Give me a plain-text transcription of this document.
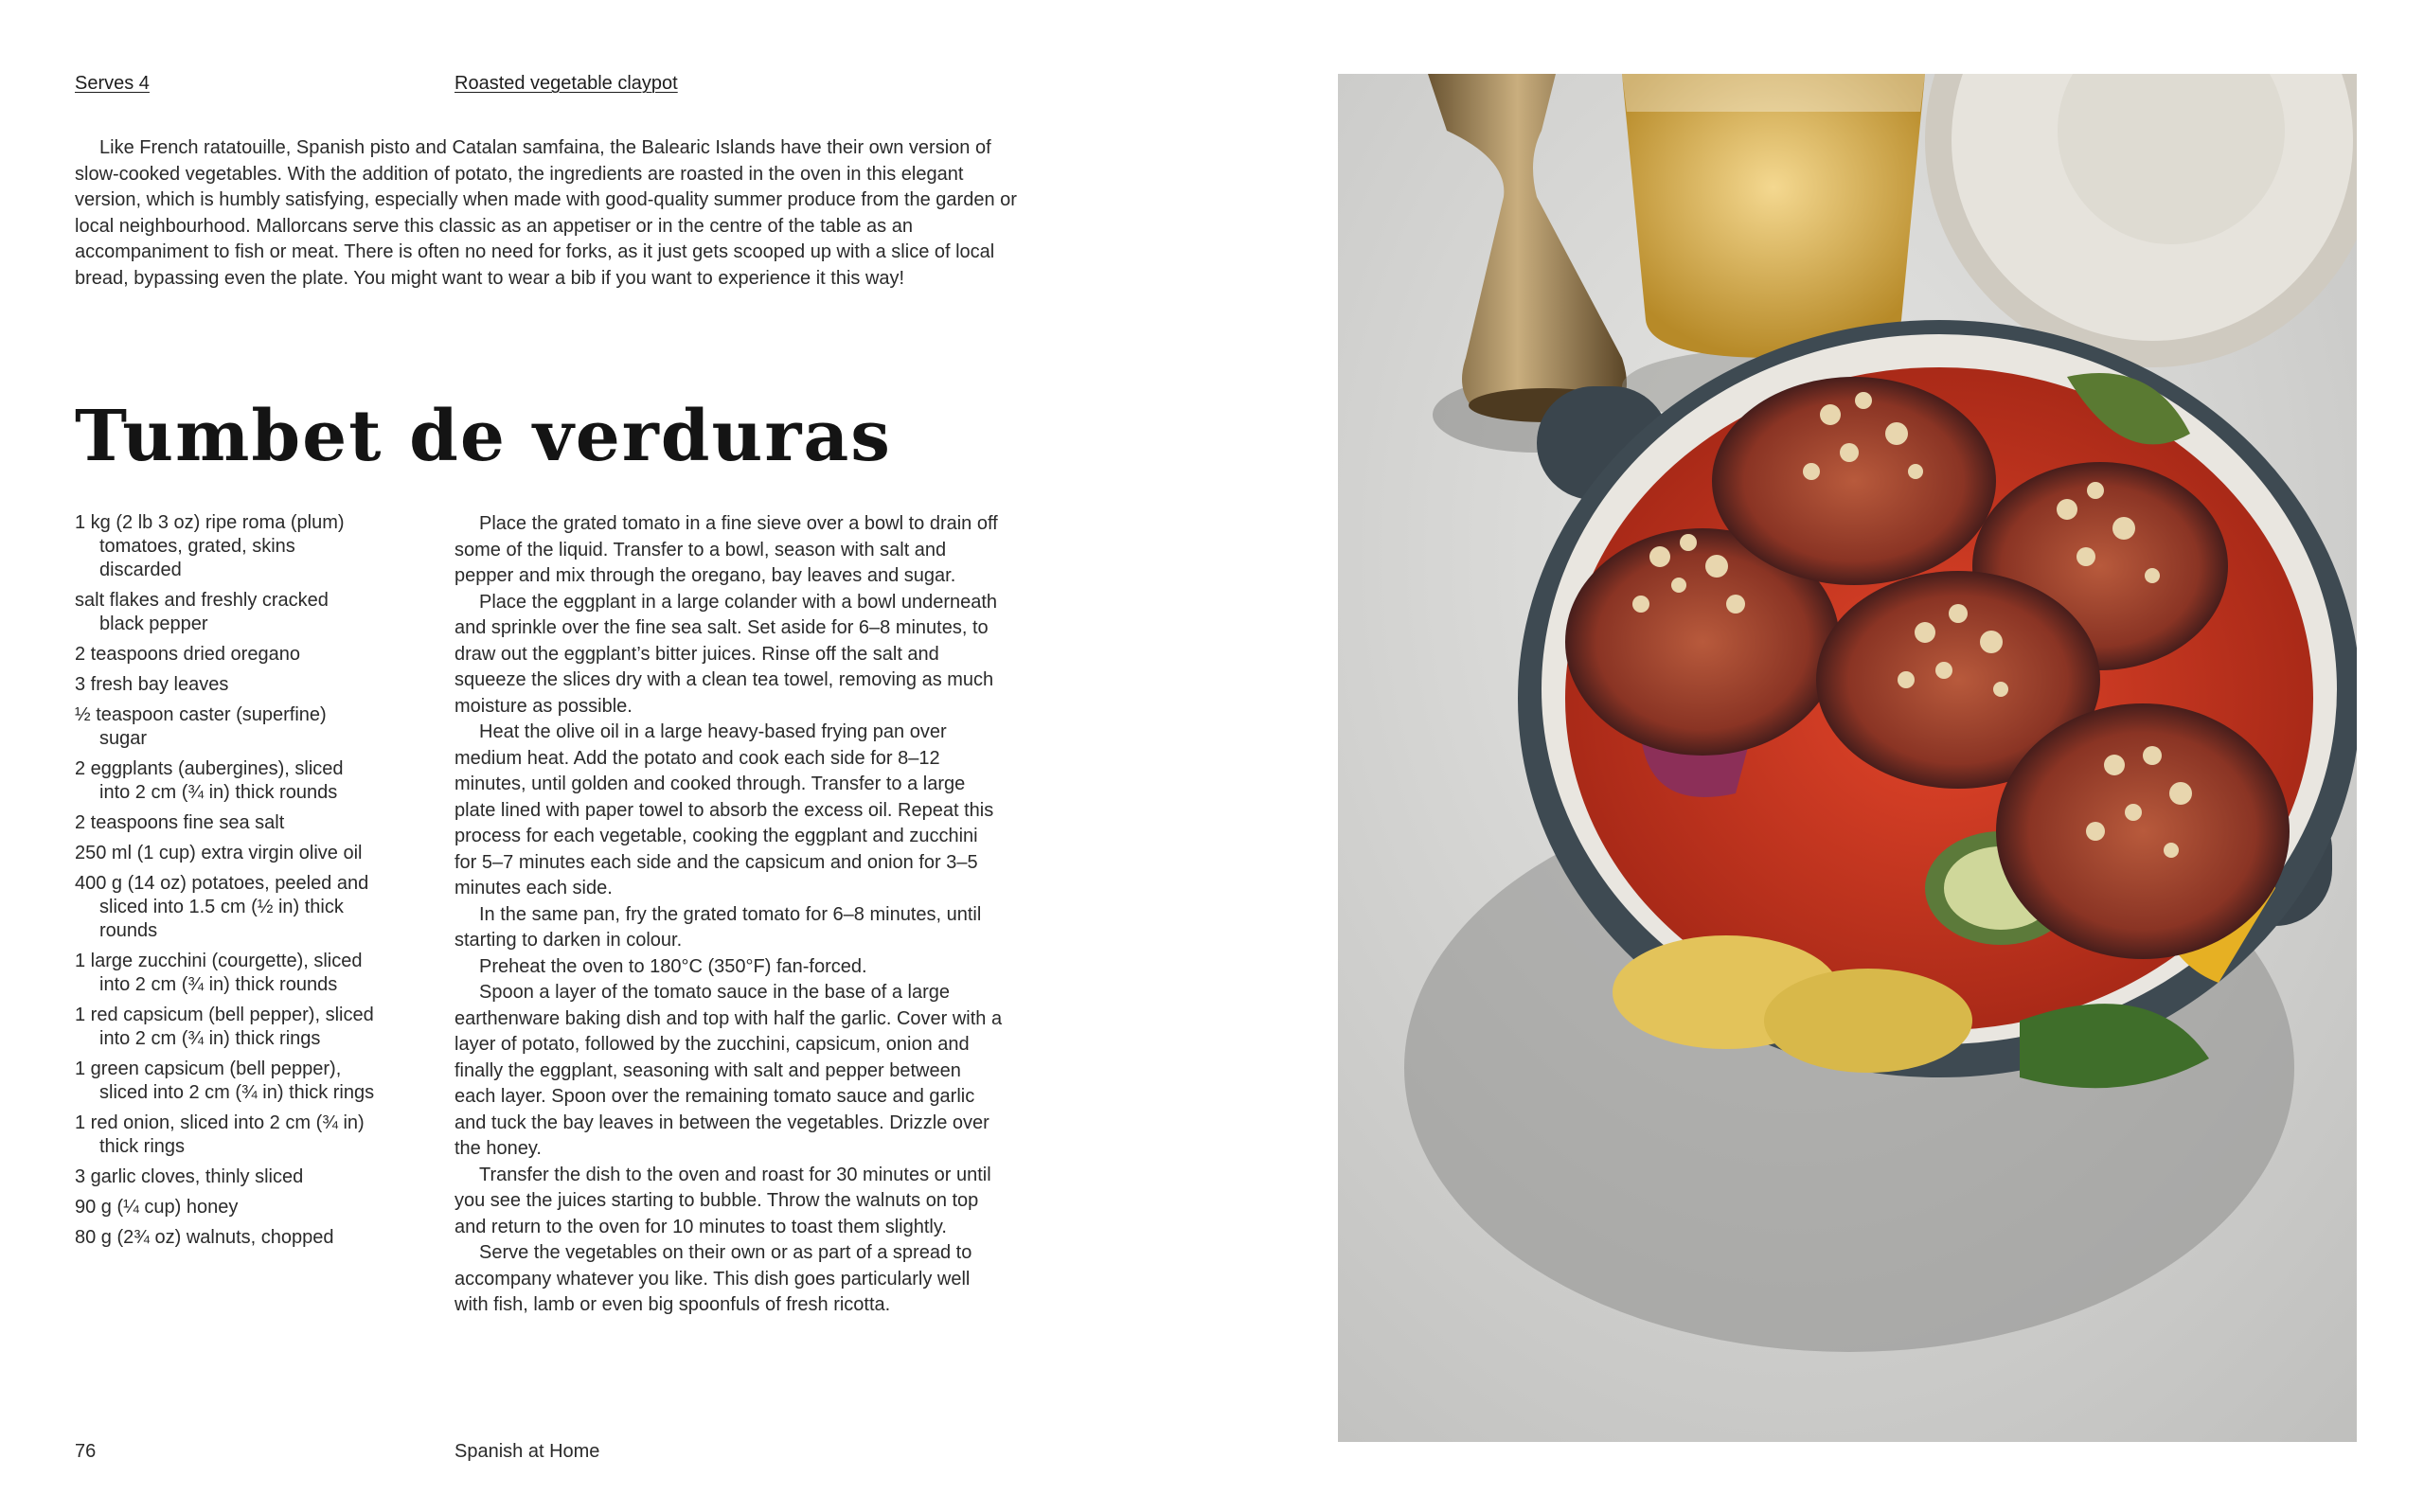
Serves 4	Roasted vegetable claypot

Like French ratatouille, Spanish pisto and Catalan samfaina, the Balearic Islands have their own version of slow-cooked vegetables. With the addition of potato, the ingredients are roasted in the oven in this elegant version, which is humbly satisfying, especially when made with good-quality summer produce from the garden or local neighbourhood. Mallorcans serve this classic as an appetiser or in the centre of the table as an accompaniment to fish or meat. There is often no need for forks, as it just gets scooped up with a slice of local bread, bypassing even the plate. You might want to wear a bib if you want to experience it this way!

Tumbet de verduras
1 kg (2 lb 3 oz) ripe roma (plum) tomatoes, grated, skins discarded
salt flakes and freshly cracked black pepper
2 teaspoons dried oregano
3 fresh bay leaves
½ teaspoon caster (superfine) sugar
2 eggplants (aubergines), sliced into 2 cm (¾ in) thick rounds
2 teaspoons fine sea salt
250 ml (1 cup) extra virgin olive oil
400 g (14 oz) potatoes, peeled and sliced into 1.5 cm (½ in) thick rounds
1 large zucchini (courgette), sliced into 2 cm (¾ in) thick rounds
1 red capsicum (bell pepper), sliced into 2 cm (¾ in) thick rings
1 green capsicum (bell pepper), sliced into 2 cm (¾ in) thick rings
1 red onion, sliced into 2 cm (¾ in) thick rings
3 garlic cloves, thinly sliced
90 g (¼ cup) honey
80 g (2¾ oz) walnuts, chopped

Place the grated tomato in a fine sieve over a bowl to drain off some of the liquid. Transfer to a bowl, season with salt and pepper and mix through the oregano, bay leaves and sugar.

Place the eggplant in a large colander with a bowl underneath and sprinkle over the fine sea salt. Set aside for 6–8 minutes, to draw out the eggplant’s bitter juices. Rinse off the salt and squeeze the slices dry with a clean tea towel, removing as much moisture as possible.

Heat the olive oil in a large heavy-based frying pan over medium heat. Add the potato and cook each side for 8–12 minutes, until golden and cooked through. Transfer to a large plate lined with paper towel to absorb the excess oil. Repeat this process for each vegetable, cooking the eggplant and zucchini for 5–7 minutes each side and the capsicum and onion for 3–5 minutes each side.

In the same pan, fry the grated tomato for 6–8 minutes, until starting to darken in colour.

Preheat the oven to 180°C (350°F) fan-forced.

Spoon a layer of the tomato sauce in the base of a large earthenware baking dish and top with half the garlic. Cover with a layer of potato, followed by the zucchini, capsicum, onion and finally the eggplant, seasoning with salt and pepper between each layer. Spoon over the remaining tomato sauce and garlic and tuck the bay leaves in between the vegetables. Drizzle over the honey.

Transfer the dish to the oven and roast for 30 minutes or until you see the juices starting to bubble. Throw the walnuts on top and return to the oven for 10 minutes to toast them slightly.

Serve the vegetables on their own or as part of a spread to accompany whatever you like. This dish goes particularly well with fish, lamb or even big spoonfuls of fresh ricotta.

76	Spanish at Home
